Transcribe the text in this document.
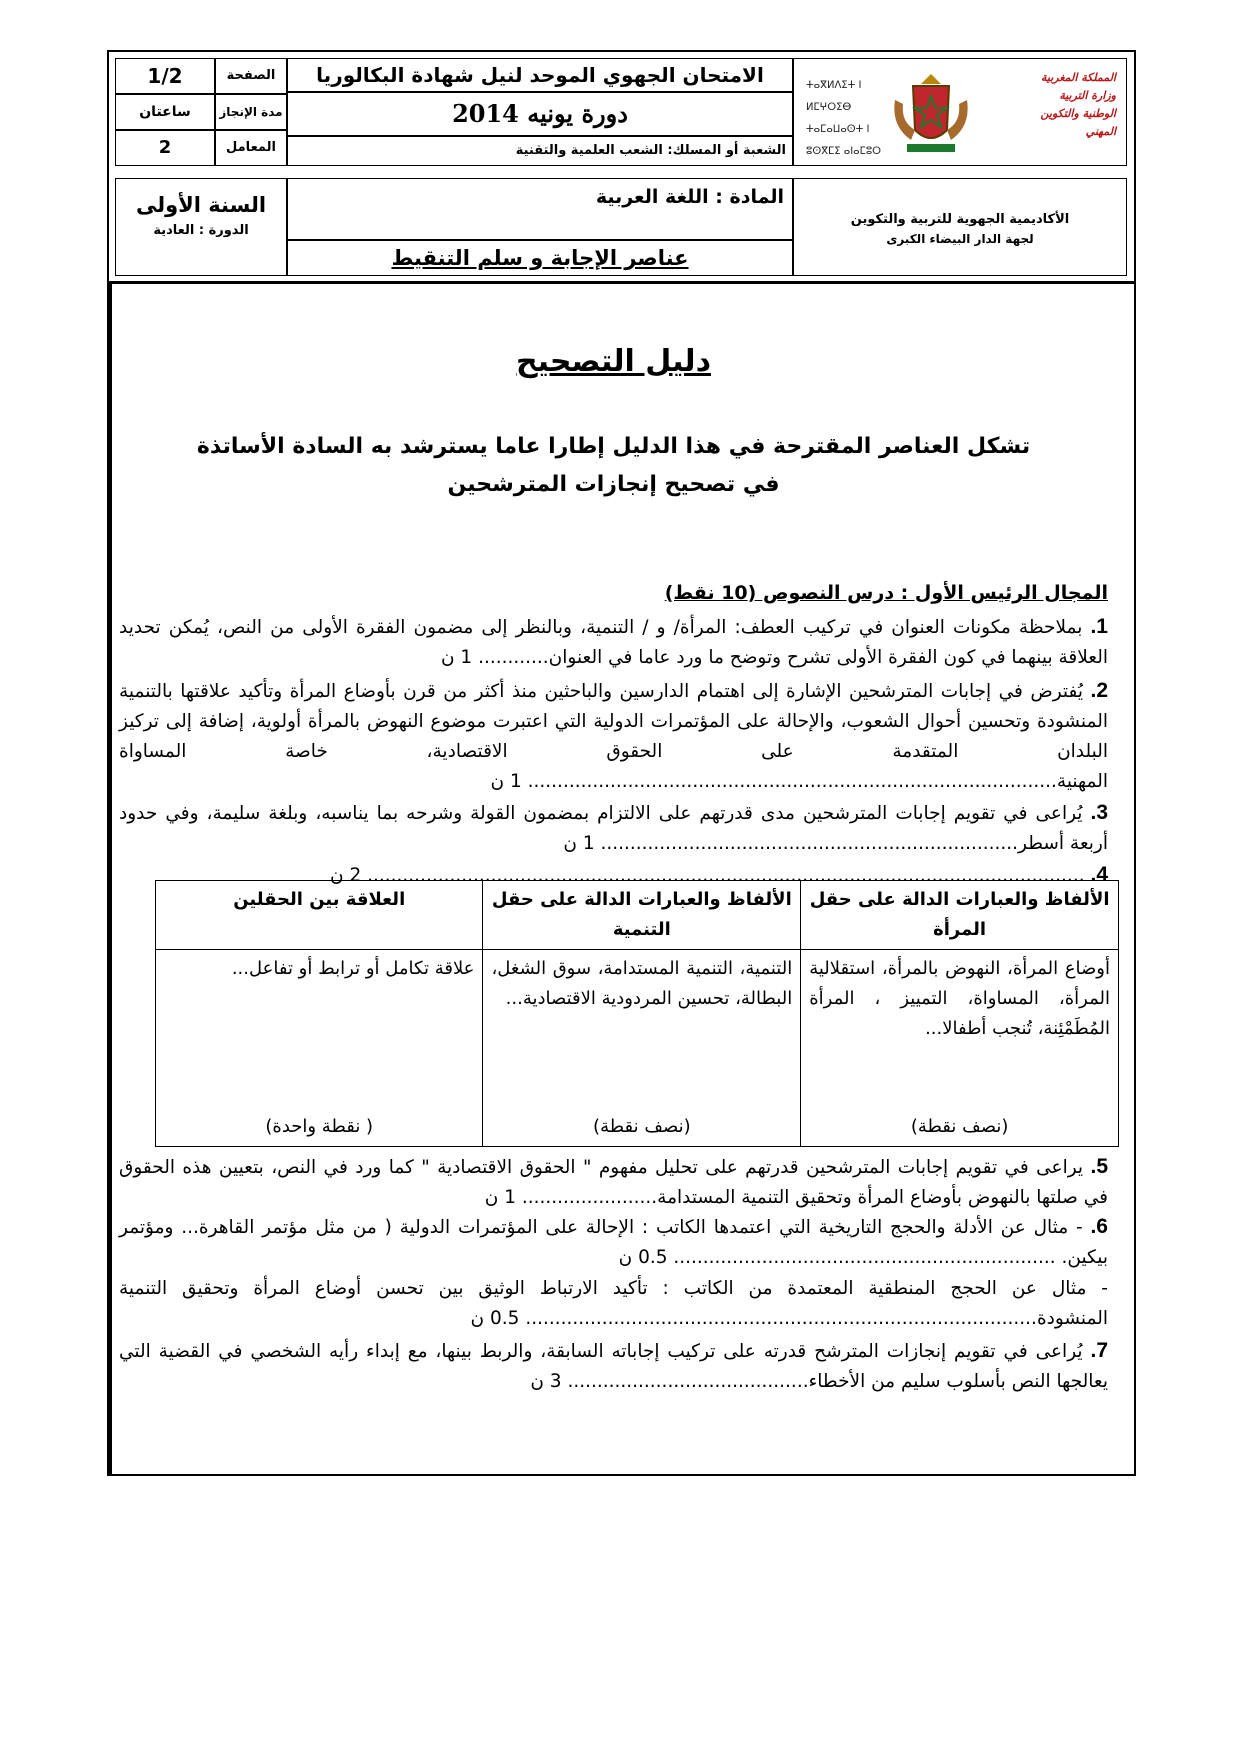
1/2	الصفحة
ساعتان	مدة الإنجاز
2	المعامل
السنة الأولى
الدورة : العادية
الامتحان الجهوي الموحد لنيل شهادة البكالوريا
دورة يونيه 2014
الشعبة أو المسلك: الشعب العلمية والتقنية
المادة : اللغة العربية
عناصر الإجابة و سلم التنقيط
المملكة المغربية وزارة التربية الوطنية والتكوين المهني
ⵜⴰⴳⵍⴷⵉⵜ ⵏ ⵍⵎⵖⵔⵉⴱ ⵜⴰⵎⴰⵡⴰⵙⵜ ⵏ ⵓⵙⴳⵎⵉ ⴰⵏⴰⵎⵓⵔ
الأكاديمية الجهوية للتربية والتكوين
لجهة الدار البيضاء الكبرى
دليل التصحيح
تشكل العناصر المقترحة في هذا الدليل إطارا عاما يسترشد به السادة الأساتذة
في تصحيح إنجازات المترشحين
المجال الرئيس الأول : درس النصوص (10 نقط)
1. بملاحظة مكونات العنوان في تركيب العطف: المرأة/ و / التنمية، وبالنظر إلى مضمون الفقرة الأولى من النص، يُمكن تحديد العلاقة بينهما في كون الفقرة الأولى تشرح وتوضح ما ورد عاما في العنوان............ 1 ن
2. يُفترض في إجابات المترشحين الإشارة إلى اهتمام الدارسين والباحثين منذ أكثر من قرن بأوضاع المرأة وتأكيد علاقتها بالتنمية المنشودة وتحسين أحوال الشعوب، والإحالة على المؤتمرات الدولية التي اعتبرت موضوع النهوض بالمرأة أولوية، إضافة إلى تركيز البلدان المتقدمة على الحقوق الاقتصادية، خاصة المساواة المهنية.......................................................................................... 1 ن
3. يُراعى في تقويم إجابات المترشحين مدى قدرتهم على الالتزام بمضمون القولة وشرحه بما يناسبه، وبلغة سليمة، وفي حدود أربعة أسطر....................................................................... 1 ن
4. .......................................................................................................................... 2 ن
5. يراعى في تقويم إجابات المترشحين قدرتهم على تحليل مفهوم " الحقوق الاقتصادية " كما ورد في النص، بتعيين هذه الحقوق في صلتها بالنهوض بأوضاع المرأة وتحقيق التنمية المستدامة....................... 1 ن
6. - مثال عن الأدلة والحجج التاريخية التي اعتمدها الكاتب : الإحالة على المؤتمرات الدولية ( من مثل مؤتمر القاهرة... ومؤتمر بيكين. ................................................................. 0.5 ن
- مثال عن الحجج المنطقية المعتمدة من الكاتب : تأكيد الارتباط الوثيق بين تحسن أوضاع المرأة وتحقيق التنمية المنشودة....................................................................................... 0.5 ن
7. يُراعى في تقويم إنجازات المترشح قدرته على تركيب إجاباته السابقة، والربط بينها، مع إبداء رأيه الشخصي في القضية التي يعالجها النص بأسلوب سليم من الأخطاء......................................... 3 ن
الألفاظ والعبارات الدالة على حقل المرأة	الألفاظ والعبارات الدالة على حقل التنمية	العلاقة بين الحقلين
أوضاع المرأة، النهوض بالمرأة، استقلالية المرأة، المساواة، التمييز ، المرأة المُطَمْئِنة، تُنجب أطفالا...	التنمية، التنمية المستدامة، سوق الشغل، البطالة، تحسين المردودية الاقتصادية...	علاقة تكامل أو ترابط أو تفاعل...
(نصف نقطة)	(نصف نقطة)	( نقطة واحدة)
